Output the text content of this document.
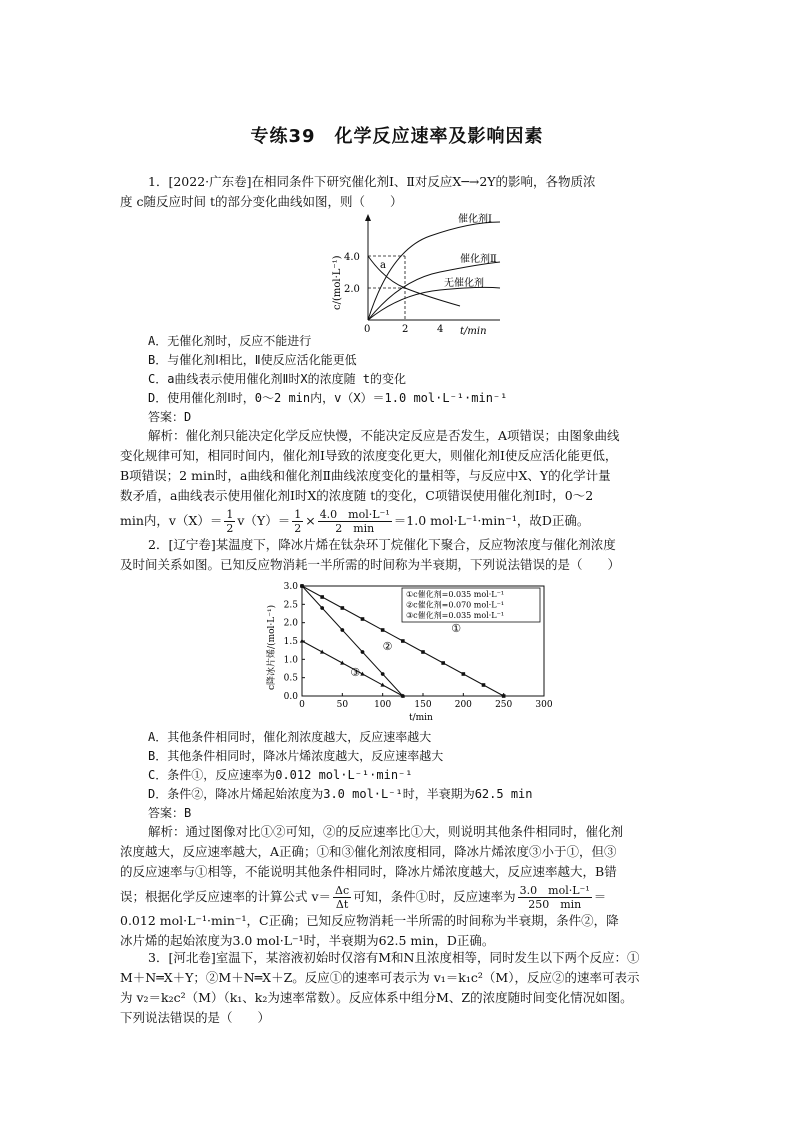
专练39　化学反应速率及影响因素
1．[2022·广东卷]在相同条件下研究催化剂Ⅰ、Ⅱ对反应X─→2Y的影响，各物质浓
度 c随反应时间 t的部分变化曲线如图，则（　　）
4.0
2.0
0	2	4 t/min
c/(mol·L⁻¹)
催化剂Ⅰ
催化剂Ⅱ
无催化剂
a
A．无催化剂时，反应不能进行
B．与催化剂Ⅰ相比，Ⅱ使反应活化能更低
C．a曲线表示使用催化剂Ⅱ时X的浓度随 t的变化
D．使用催化剂Ⅰ时，0～2 min内，v（X）＝1.0 mol·L⁻¹·min⁻¹
答案：D
解析：催化剂只能决定化学反应快慢，不能决定反应是否发生，A项错误；由图象曲线
变化规律可知，相同时间内，催化剂Ⅰ导致的浓度变化更大，则催化剂Ⅰ使反应活化能更低，
B项错误；2 min时，a曲线和催化剂Ⅱ曲线浓度变化的量相等，与反应中X、Y的化学计量
数矛盾，a曲线表示使用催化剂Ⅰ时X的浓度随 t的变化，C项错误使用催化剂Ⅰ时，0～2
min内，$v(X)= \frac{1}{2} v(Y)= \frac{1}{2} \times \frac{\text{4.0　mol·L⁻¹}}{2 \min} =1.0$ mol·L⁻¹·min⁻¹，故D正确。
2．[辽宁卷]某温度下，降冰片烯在钛杂环丁烷催化下聚合，反应物浓度与催化剂浓度
及时间关系如图。已知反应物消耗一半所需的时间称为半衰期，下列说法错误的是（　　）
0.0
0.5
1.0
1.5
2.0
2.5
3.0
0	50	100	150	200	250	300
t/min
c降冰片烯/(mol·L⁻¹)
①c催化剂=0.035 mol·L⁻¹
②c催化剂=0.070 mol·L⁻¹
③c催化剂=0.035 mol·L⁻¹
①
②
③
A．其他条件相同时，催化剂浓度越大，反应速率越大
B．其他条件相同时，降冰片烯浓度越大，反应速率越大
C．条件①，反应速率为0.012 mol·L⁻¹·min⁻¹
D．条件②，降冰片烯起始浓度为3.0 mol·L⁻¹时，半衰期为62.5 min
答案：B
解析：通过图像对比①②可知，②的反应速率比①大，则说明其他条件相同时，催化剂
浓度越大，反应速率越大，A正确；①和③催化剂浓度相同，降冰片烯浓度③小于①，但③
的反应速率与①相等，不能说明其他条件相同时，降冰片烯浓度越大，反应速率越大，B错
误；根据化学反应速率的计算公式 $v= \frac{\Delta c}{\Delta t}$ 可知，条件①时，反应速率为 $\frac{\text{3.0　mol·L⁻¹}}{250 \min}$ ＝
0.012 mol·L⁻¹·min⁻¹，C正确；已知反应物消耗一半所需的时间称为半衰期，条件②，降
冰片烯的起始浓度为3.0 mol·L⁻¹时，半衰期为62.5 min，D正确。
3．[河北卷]室温下，某溶液初始时仅溶有M和N且浓度相等，同时发生以下两个反应：①
M＋N═X＋Y；②M＋N═X＋Z。反应①的速率可表示为 v₁＝k₁c²（M），反应②的速率可表示
为 v₂＝k₂c²（M）（k₁、k₂为速率常数）。反应体系中组分M、Z的浓度随时间变化情况如图。
下列说法错误的是（　　）
